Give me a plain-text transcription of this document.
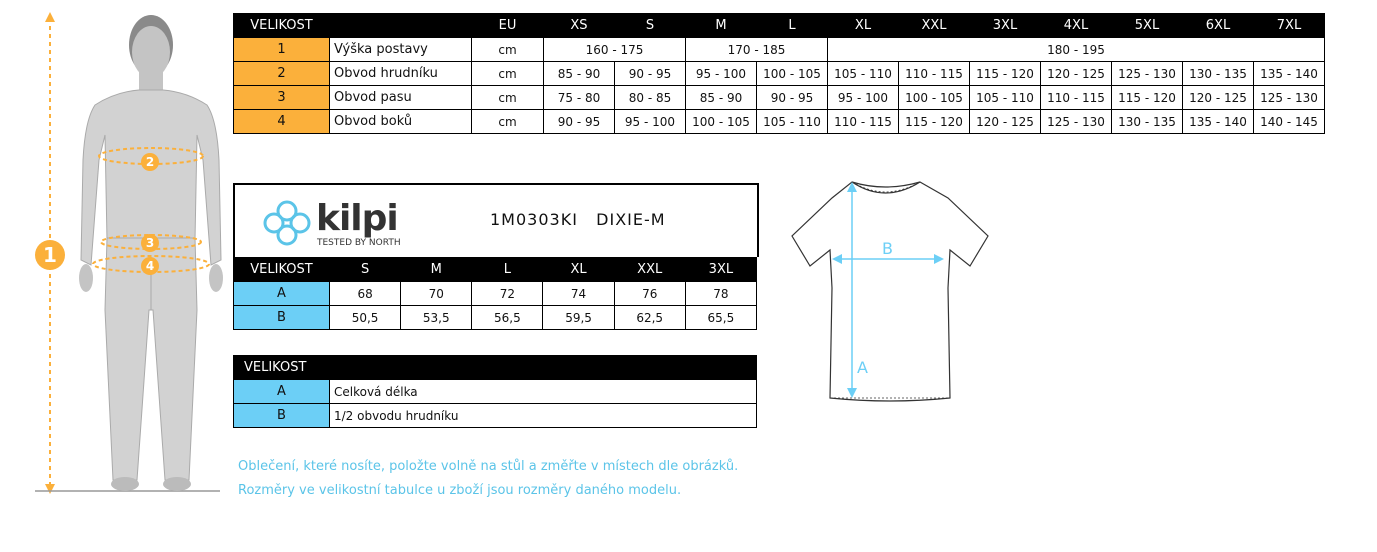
1
2
3
4
VELIKOST		EU	XS	S	M	L	XL	XXL	3XL	4XL	5XL	6XL	7XL
1	Výška postavy	cm	160 - 175		170 - 185		180 - 195						
2	Obvod hrudníku	cm	85 - 90	90 - 95	95 - 100	100 - 105	105 - 110	110 - 115	115 - 120	120 - 125	125 - 130	130 - 135	135 - 140
3	Obvod pasu	cm	75 - 80	80 - 85	85 - 90	90 - 95	95 - 100	100 - 105	105 - 110	110 - 115	115 - 120	120 - 125	125 - 130
4	Obvod boků	cm	90 - 95	95 - 100	100 - 105	105 - 110	110 - 115	115 - 120	120 - 125	125 - 130	130 - 135	135 - 140	140 - 145
kilpi
TESTED BY NORTH
1M0303KI   DIXIE-M
VELIKOST	S	M	L	XL	XXL	3XL
A	68	70	72	74	76	78
B	50,5	53,5	56,5	59,5	62,5	65,5
VELIKOST	
A	Celková délka
B	1/2 obvodu hrudníku
B
A
Oblečení, které nosíte, položte volně na stůl a změřte v místech dle obrázků.
Rozměry ve velikostní tabulce u zboží jsou rozměry daného modelu.
